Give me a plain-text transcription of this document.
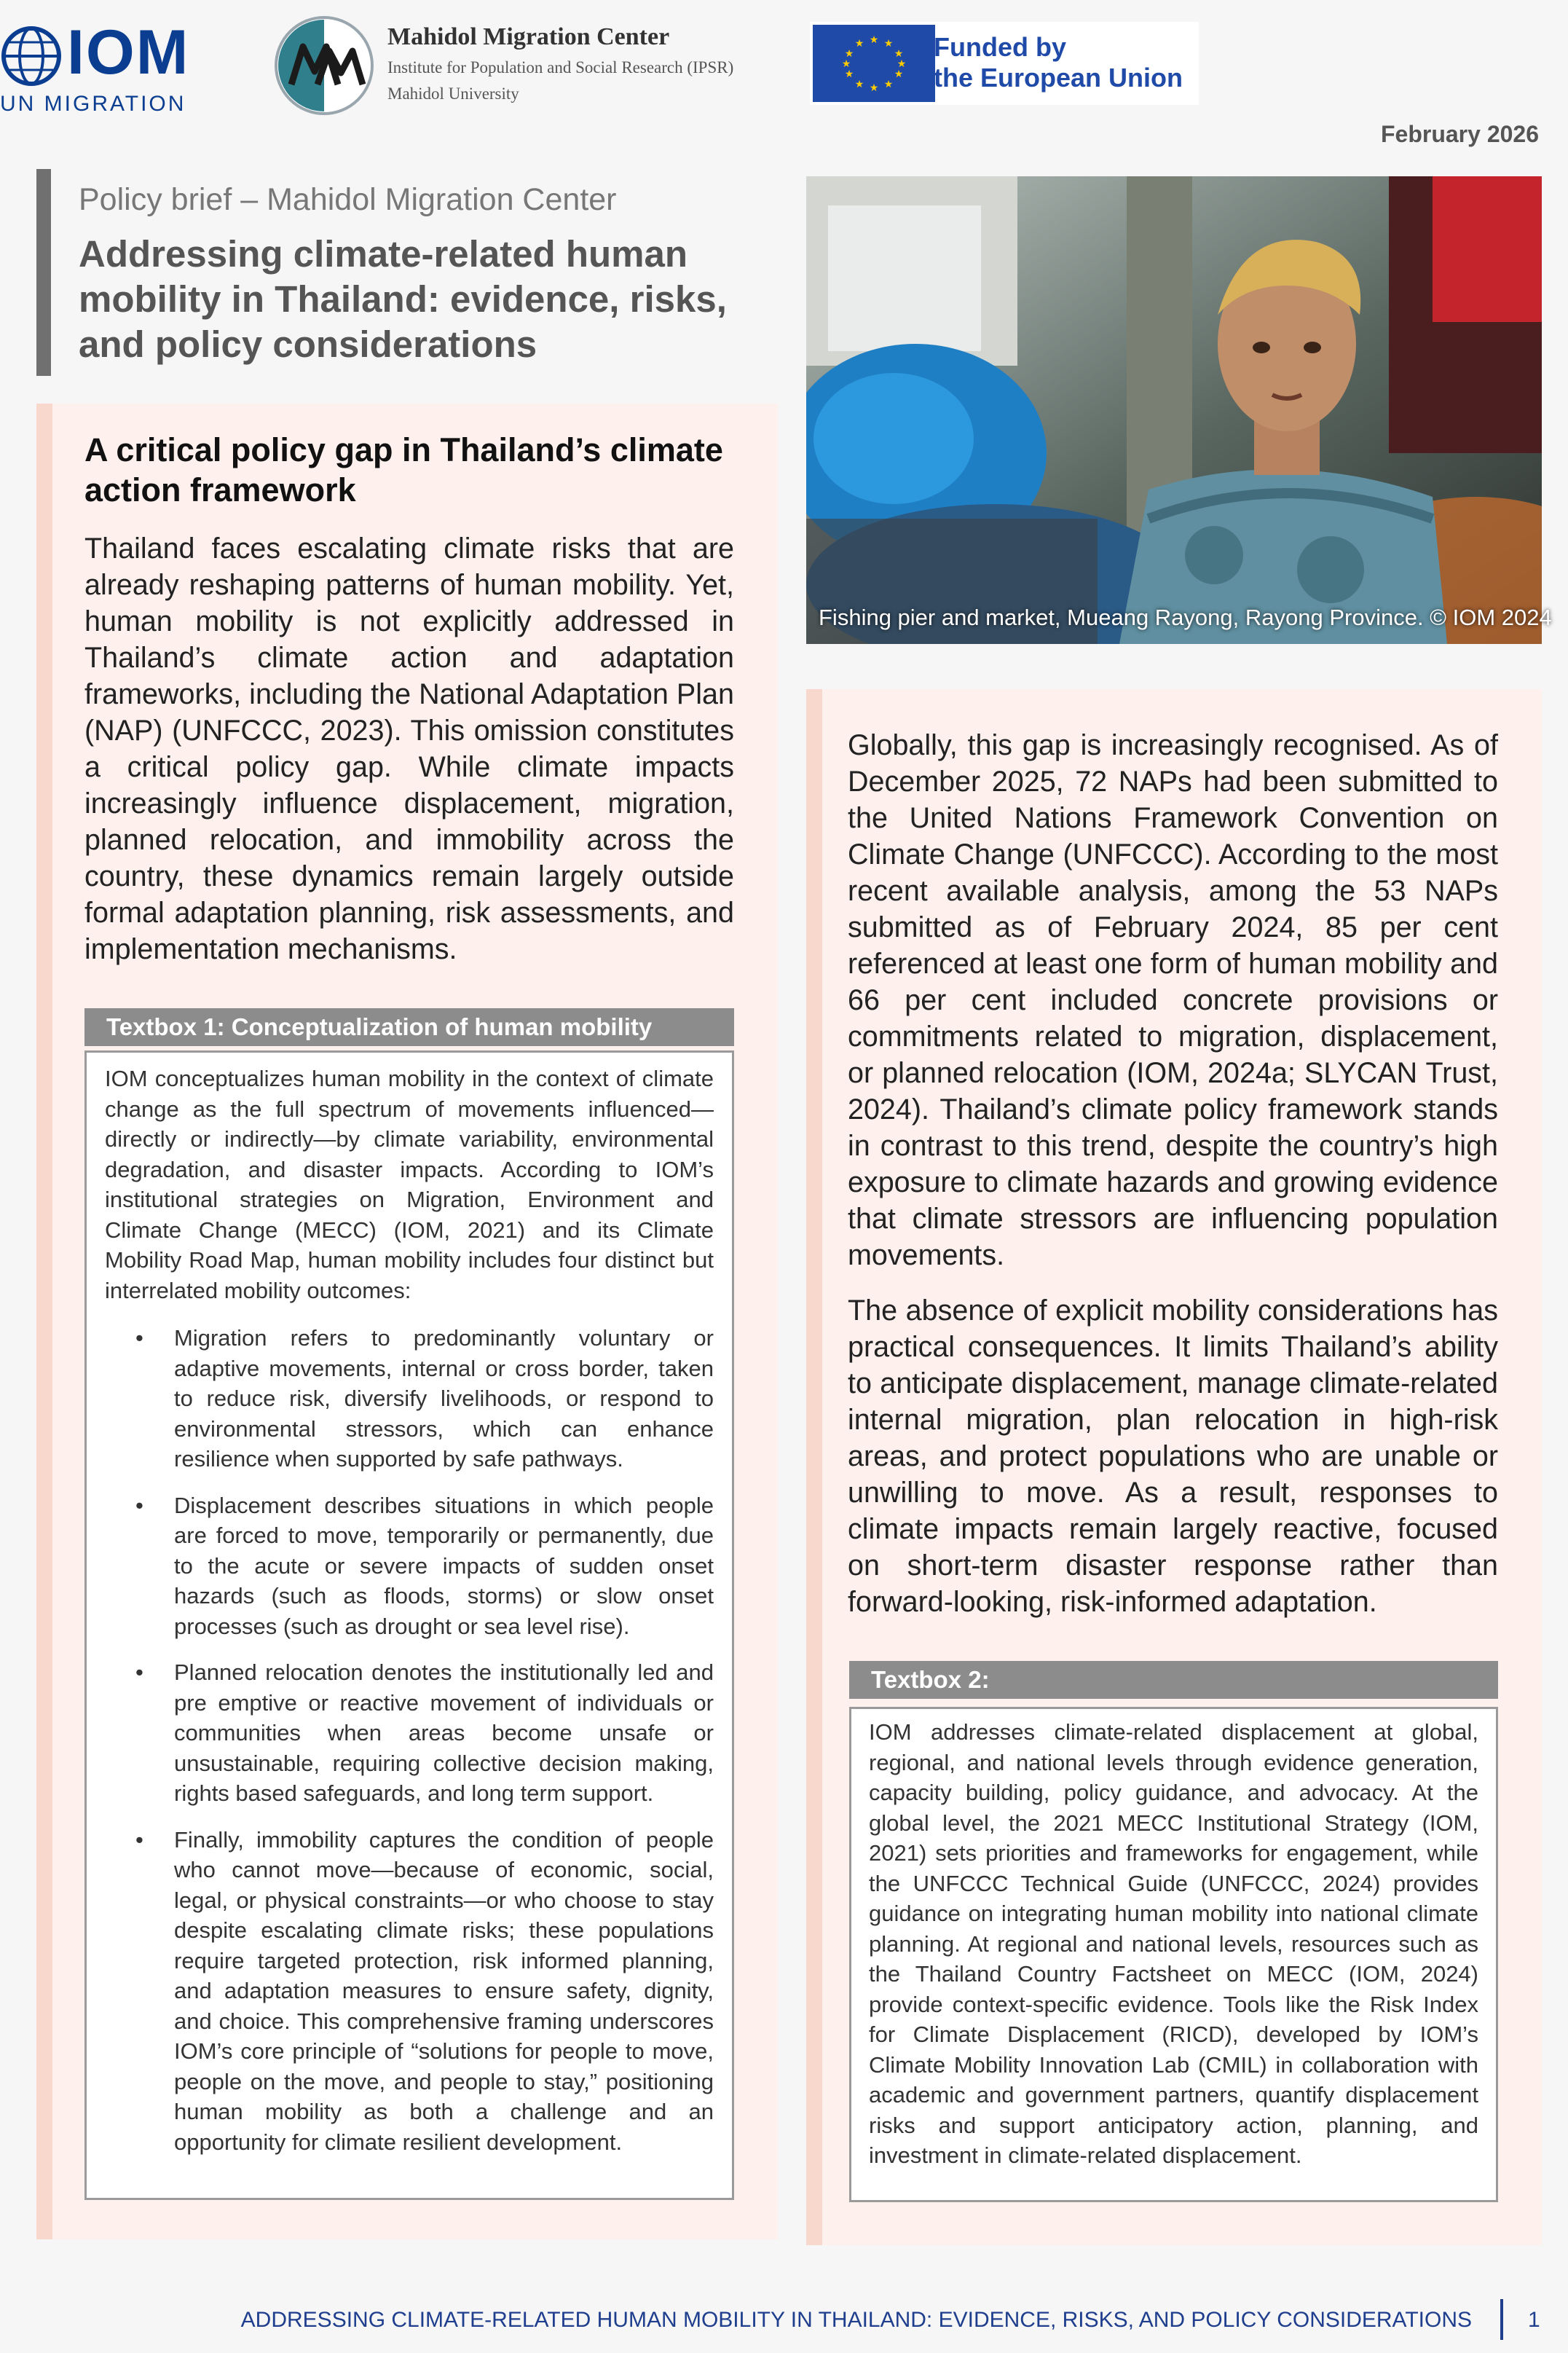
IOM
UN MIGRATION
Mahidol Migration Center
Institute for Population and Social Research (IPSR)
Mahidol University
★ ★
★
★
★
★
★
★
★
★
★
★	Funded by
the European Union
February 2026
Policy brief – Mahidol Migration Center
Addressing climate-related human mobility in Thailand: evidence, risks, and policy considerations
A critical policy gap in Thailand’s climate action framework
Thailand faces escalating climate risks that are already reshaping patterns of human mobility. Yet, human mobility is not explicitly addressed in Thailand’s climate action and adaptation frameworks, including the National Adaptation Plan (NAP) (UNFCCC, 2023). This omission constitutes a critical policy gap. While climate impacts increasingly influence displacement, migration, planned relocation, and immobility across the country, these dynamics remain largely outside formal adaptation planning, risk assessments, and implementation mechanisms.
Textbox 1: Conceptualization of human mobility
IOM conceptualizes human mobility in the context of climate change as the full spectrum of movements influenced—directly or indirectly—by climate variability, environmental degradation, and disaster impacts. According to IOM’s institutional strategies on Migration, Environment and Climate Change (MECC) (IOM, 2021) and its Climate Mobility Road Map, human mobility includes four distinct but interrelated mobility outcomes:
• Migration refers to predominantly voluntary or adaptive movements, internal or cross border, taken to reduce risk, diversify livelihoods, or respond to environmental stressors, which can enhance resilience when supported by safe pathways.
• Displacement describes situations in which people are forced to move, temporarily or permanently, due to the acute or severe impacts of sudden onset hazards (such as floods, storms) or slow onset processes (such as drought or sea level rise).
• Planned relocation denotes the institutionally led and pre emptive or reactive movement of individuals or communities when areas become unsafe or unsustainable, requiring collective decision making, rights based safeguards, and long term support.
• Finally, immobility captures the condition of people who cannot move—because of economic, social, legal, or physical constraints—or who choose to stay despite escalating climate risks; these populations require targeted protection, risk informed planning, and adaptation measures to ensure safety, dignity, and choice. This comprehensive framing underscores IOM’s core principle of “solutions for people to move, people on the move, and people to stay,” positioning human mobility as both a challenge and an opportunity for climate resilient development.
Fishing pier and market, Mueang Rayong, Rayong Province. © IOM 2024

Globally, this gap is increasingly recognised. As of December 2025, 72 NAPs had been submitted to the United Nations Framework Convention on Climate Change (UNFCCC). According to the most recent available analysis, among the 53 NAPs submitted as of February 2024, 85 per cent referenced at least one form of human mobility and 66 per cent included concrete provisions or commitments related to migration, displacement, or planned relocation (IOM, 2024a; SLYCAN Trust, 2024). Thailand’s climate policy framework stands in contrast to this trend, despite the country’s high exposure to climate hazards and growing evidence that climate stressors are influencing population movements.

The absence of explicit mobility considerations has practical consequences. It limits Thailand’s ability to anticipate displacement, manage climate-related internal migration, plan relocation in high-risk areas, and protect populations who are unable or unwilling to move. As a result, responses to climate impacts remain largely reactive, focused on short-term disaster response rather than forward-looking, risk-informed adaptation.

Textbox 2:
IOM addresses climate-related displacement at global, regional, and national levels through evidence generation, capacity building, policy guidance, and advocacy. At the global level, the 2021 MECC Institutional Strategy (IOM, 2021) sets priorities and frameworks for engagement, while the UNFCCC Technical Guide (UNFCCC, 2024) provides guidance on integrating human mobility into national climate planning. At regional and national levels, resources such as the Thailand Country Factsheet on MECC (IOM, 2024) provide context-specific evidence. Tools like the Risk Index for Climate Displacement (RICD), developed by IOM’s Climate Mobility Innovation Lab (CMIL) in collaboration with academic and government partners, quantify displacement risks and support anticipatory action, planning, and investment in climate-related displacement.
ADDRESSING CLIMATE-RELATED HUMAN MOBILITY IN THAILAND: EVIDENCE, RISKS, AND POLICY CONSIDERATIONS	1
